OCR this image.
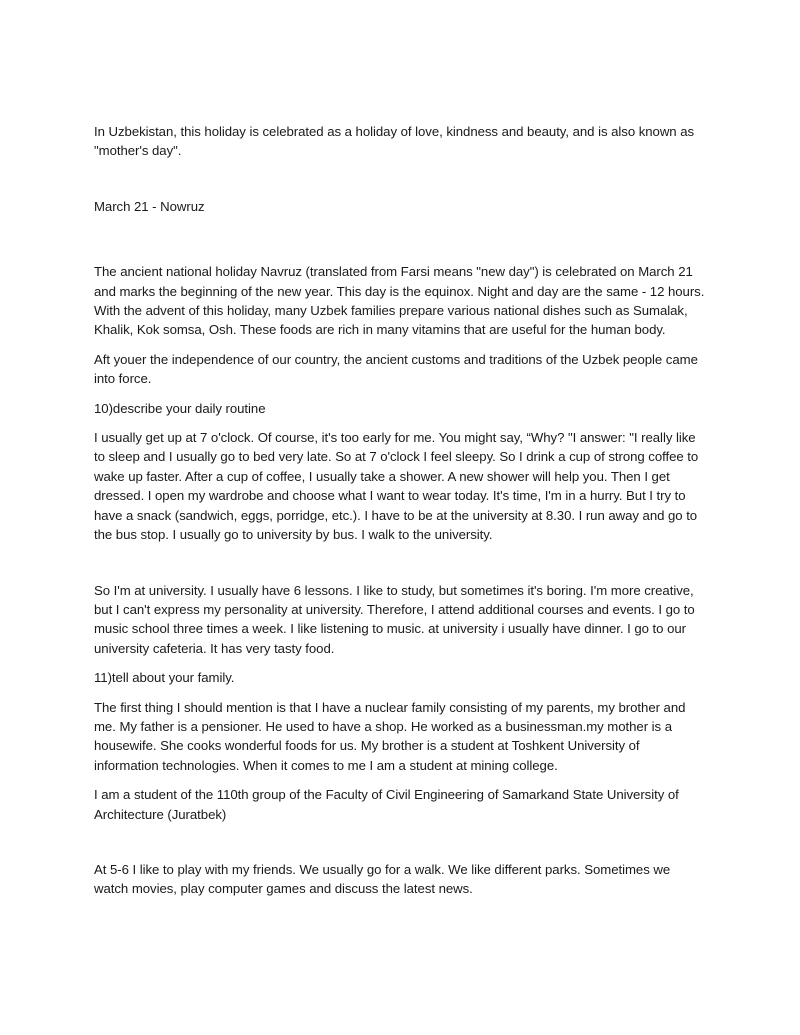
In Uzbekistan, this holiday is celebrated as a holiday of love, kindness and beauty, and is also known as "mother's day".

March 21 - Nowruz

The ancient national holiday Navruz (translated from Farsi means "new day") is celebrated on March 21 and marks the beginning of the new year. This day is the equinox. Night and day are the same - 12 hours. With the advent of this holiday, many Uzbek families prepare various national dishes such as Sumalak, Khalik, Kok somsa, Osh. These foods are rich in many vitamins that are useful for the human body.

Aft youer the independence of our country, the ancient customs and traditions of the Uzbek people came into force.

10)describe your daily routine

I usually get up at 7 o'clock. Of course, it's too early for me. You might say, “Why? "I answer: "I really like to sleep and I usually go to bed very late. So at 7 o'clock I feel sleepy. So I drink a cup of strong coffee to wake up faster. After a cup of coffee, I usually take a shower. A new shower will help you. Then I get dressed. I open my wardrobe and choose what I want to wear today. It's time, I'm in a hurry. But I try to have a snack (sandwich, eggs, porridge, etc.). I have to be at the university at 8.30. I run away and go to the bus stop. I usually go to university by bus. I walk to the university.

So I'm at university. I usually have 6 lessons. I like to study, but sometimes it's boring. I'm more creative, but I can't express my personality at university. Therefore, I attend additional courses and events. I go to music school three times a week. I like listening to music. at university i usually have dinner. I go to our university cafeteria. It has very tasty food.

11)tell about your family.

The first thing I should mention is that I have a nuclear family consisting of my parents, my brother and me. My father is a pensioner. He used to have a shop. He worked as a businessman.my mother is a housewife. She cooks wonderful foods for us. My brother is a student at Toshkent University of information technologies. When it comes to me I am a student at mining college.

I am a student of the 110th group of the Faculty of Civil Engineering of Samarkand State University of Architecture (Juratbek)

At 5-6 I like to play with my friends. We usually go for a walk. We like different parks. Sometimes we watch movies, play computer games and discuss the latest news.
